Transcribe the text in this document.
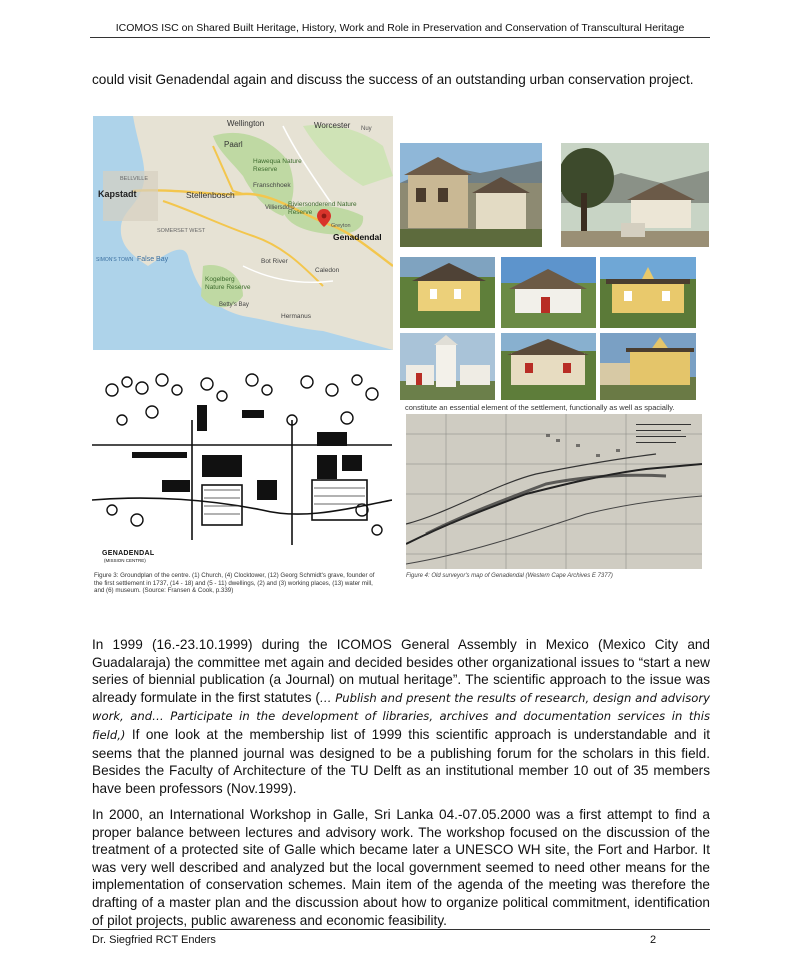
ICOMOS ISC on Shared Built Heritage, History, Work and Role in Preservation and Conservation of Transcultural Heritage
could visit Genadendal again and discuss the success of an outstanding urban conservation project.
Wellington	Worcester Nuy
Paarl
Hawequa Nature Reserve
Kapstadt
BELLVILLE
Stellenbosch
Franschhoek
Villiersdorp
Riviersonderend Nature Reserve
Greyton
Genadendal
SOMERSET WEST
False Bay
SIMON'S TOWN
Kogelberg Nature Reserve
Betty's Bay
Bot River
Caledon
Hermanus
GENADENDAL
(MISSION CENTRE)
Figure 3: Groundplan of the centre. (1) Church, (4) Clocktower, (12) Georg Schmidt's grave, founder of the first settlement in 1737, (14 - 18) and (5 - 11) dwellings, (2) and (3) working places, (13) water mill, and (6) museum. (Source: Fransen & Cook, p.339)
constitute an essential element of the settlement, functionally as well as spacially.
Figure 4: Old surveyor's map of Genadendal (Western Cape Archives E 7377)
In 1999 (16.-23.10.1999) during the ICOMOS General Assembly in Mexico (Mexico City and Guadalaraja) the committee met again and decided besides other organizational issues to “start a new series of biennial publication (a Journal) on mutual heritage”. The scientific approach to the issue was already formulate in the first statutes (… Publish and present the results of research, design and advisory work, and… Participate in the development of libraries, archives and documentation services in this field,) If one look at the membership list of 1999 this scientific approach is understandable and it seems that the planned journal was designed to be a publishing forum for the scholars in this field. Besides the Faculty of Architecture of the TU Delft as an institutional member 10 out of 35 members have been professors (Nov.1999).
In 2000, an International Workshop in Galle, Sri Lanka 04.-07.05.2000 was a first attempt to find a proper balance between lectures and advisory work. The workshop focused on the discussion of the treatment of a protected site of Galle which became later a UNESCO WH site, the Fort and Harbor. It was very well described and analyzed but the local government seemed to need other means for the implementation of conservation schemes. Main item of the agenda of the meeting was therefore the drafting of a master plan and the discussion about how to organize political commitment, identification of pilot projects, public awareness and economic feasibility.
Dr. Siegfried RCT Enders	2
